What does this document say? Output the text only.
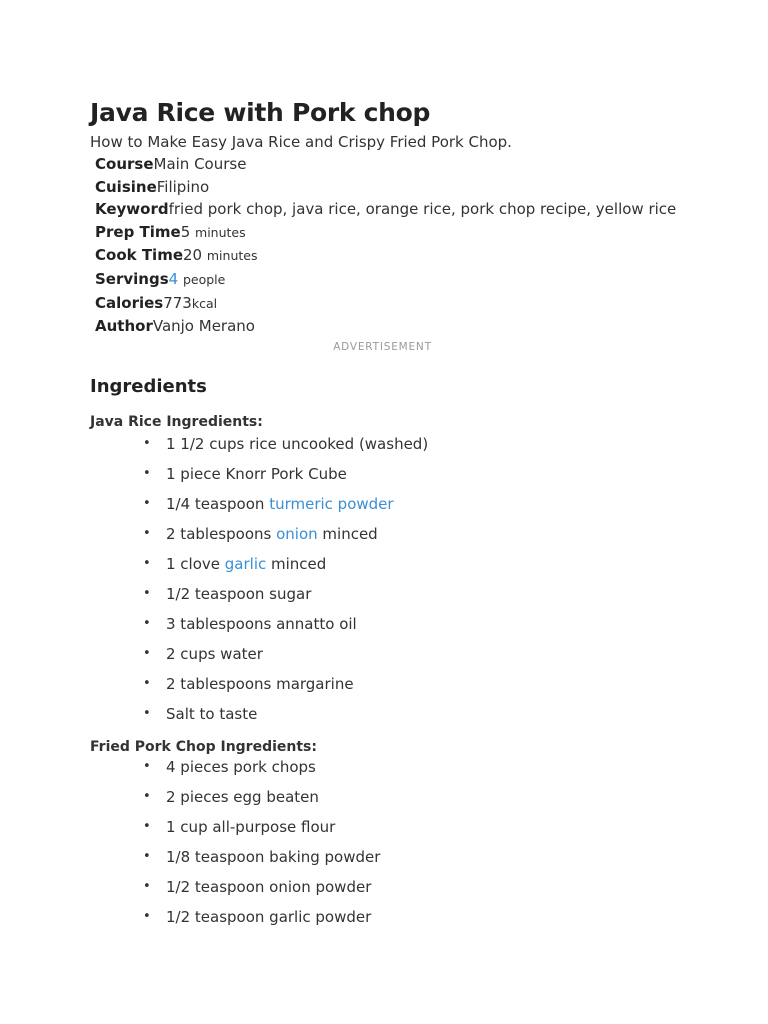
Java Rice with Pork chop
How to Make Easy Java Rice and Crispy Fried Pork Chop.
CourseMain Course
CuisineFilipino
Keywordfried pork chop, java rice, orange rice, pork chop recipe, yellow rice
Prep Time5 minutes
Cook Time20 minutes
Servings4 people
Calories773kcal
AuthorVanjo Merano
ADVERTISEMENT
Ingredients
Java Rice Ingredients:
• 1 1/2 cups rice uncooked (washed)
• 1 piece Knorr Pork Cube
• 1/4 teaspoon turmeric powder
• 2 tablespoons onion minced
• 1 clove garlic minced
• 1/2 teaspoon sugar
• 3 tablespoons annatto oil
• 2 cups water
• 2 tablespoons margarine
• Salt to taste
Fried Pork Chop Ingredients:
• 4 pieces pork chops
• 2 pieces egg beaten
• 1 cup all-purpose flour
• 1/8 teaspoon baking powder
• 1/2 teaspoon onion powder
• 1/2 teaspoon garlic powder
